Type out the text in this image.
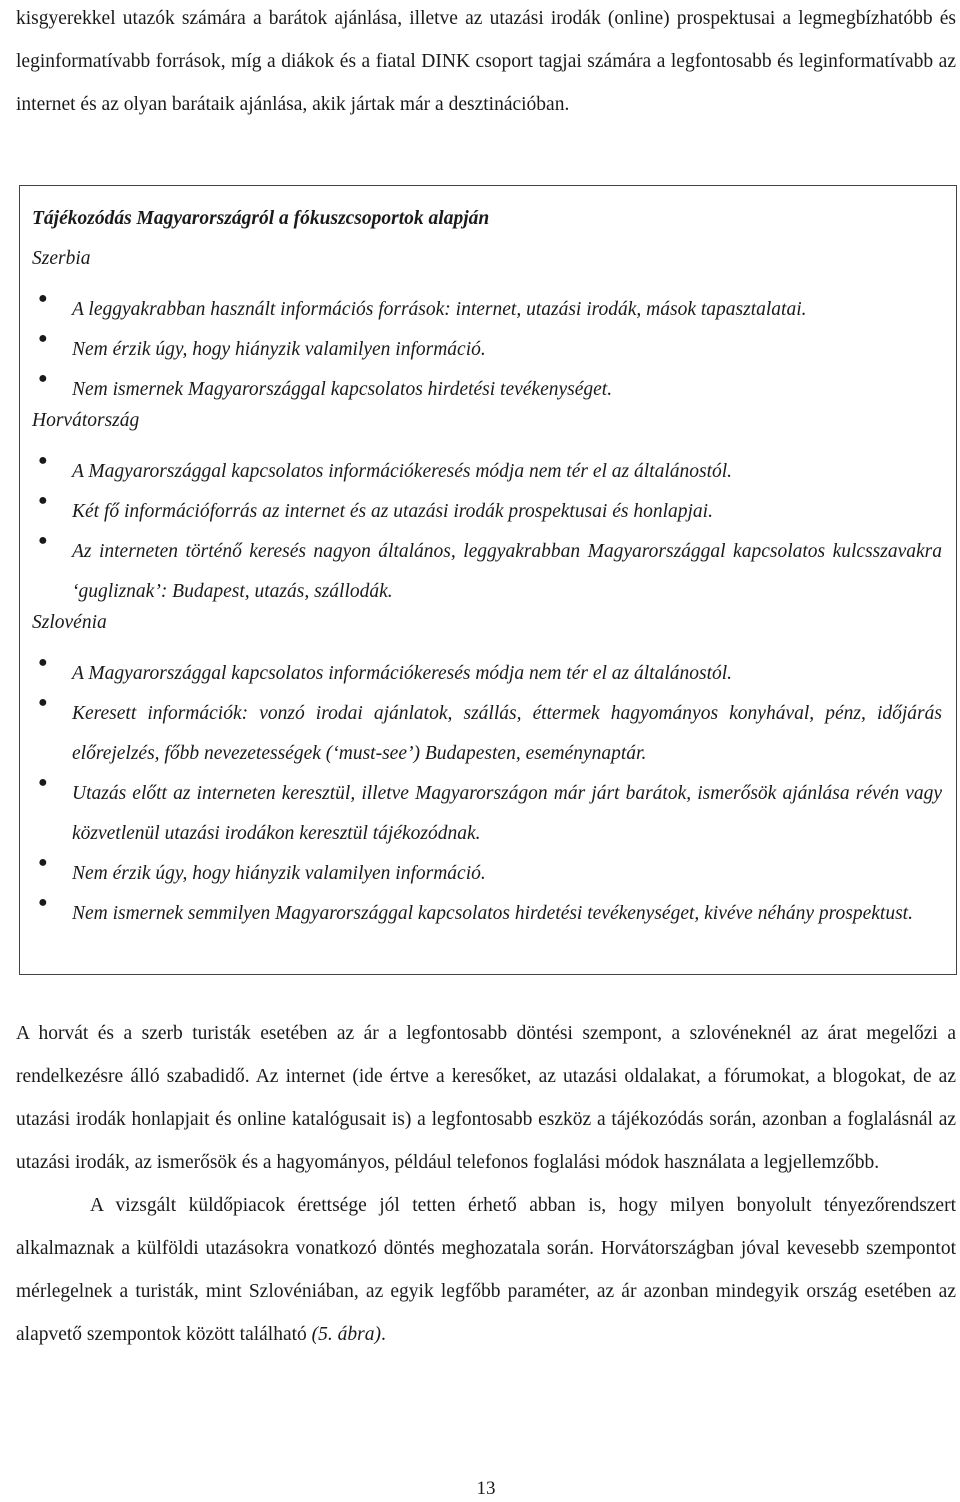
kisgyerekkel utazók számára a barátok ajánlása, illetve az utazási irodák (online) prospektusai a legmegbízhatóbb és leginformatívabb források, míg a diákok és a fiatal DINK csoport tagjai számára a legfontosabb és leginformatívabb az internet és az olyan barátaik ajánlása, akik jártak már a desztinációban.

Tájékozódás Magyarországról a fókuszcsoportok alapján
Szerbia
●
A leggyakrabban használt információs források: internet, utazási irodák, mások tapasztalatai.
●
Nem érzik úgy, hogy hiányzik valamilyen információ.
●
Nem ismernek Magyarországgal kapcsolatos hirdetési tevékenységet.
Horvátország
●
A Magyarországgal kapcsolatos információkeresés módja nem tér el az általánostól.
●
Két fő információforrás az internet és az utazási irodák prospektusai és honlapjai.
●
Az interneten történő keresés nagyon általános, leggyakrabban Magyarországgal kapcsolatos kulcsszavakra ‘gugliznak’: Budapest, utazás, szállodák.
Szlovénia
●
A Magyarországgal kapcsolatos információkeresés módja nem tér el az általánostól.
●
Keresett információk: vonzó irodai ajánlatok, szállás, éttermek hagyományos konyhával, pénz, időjárás előrejelzés, főbb nevezetességek (‘must-see’) Budapesten, eseménynaptár.
●
Utazás előtt az interneten keresztül, illetve Magyarországon már járt barátok, ismerősök ajánlása révén vagy közvetlenül utazási irodákon keresztül tájékozódnak.
●
Nem érzik úgy, hogy hiányzik valamilyen információ.
●
Nem ismernek semmilyen Magyarországgal kapcsolatos hirdetési tevékenységet, kivéve néhány prospektust.

A horvát és a szerb turisták esetében az ár a legfontosabb döntési szempont, a szlovéneknél az árat megelőzi a rendelkezésre álló szabadidő. Az internet (ide értve a keresőket, az utazási oldalakat, a fórumokat, a blogokat, de az utazási irodák honlapjait és online katalógusait is) a legfontosabb eszköz a tájékozódás során, azonban a foglalásnál az utazási irodák, az ismerősök és a hagyományos, például telefonos foglalási módok használata a legjellemzőbb.

A vizsgált küldőpiacok érettsége jól tetten érhető abban is, hogy milyen bonyolult tényezőrendszert alkalmaznak a külföldi utazásokra vonatkozó döntés meghozatala során. Horvátországban jóval kevesebb szempontot mérlegelnek a turisták, mint Szlovéniában, az egyik legfőbb paraméter, az ár azonban mindegyik ország esetében az alapvető szempontok között található (5. ábra).

13
